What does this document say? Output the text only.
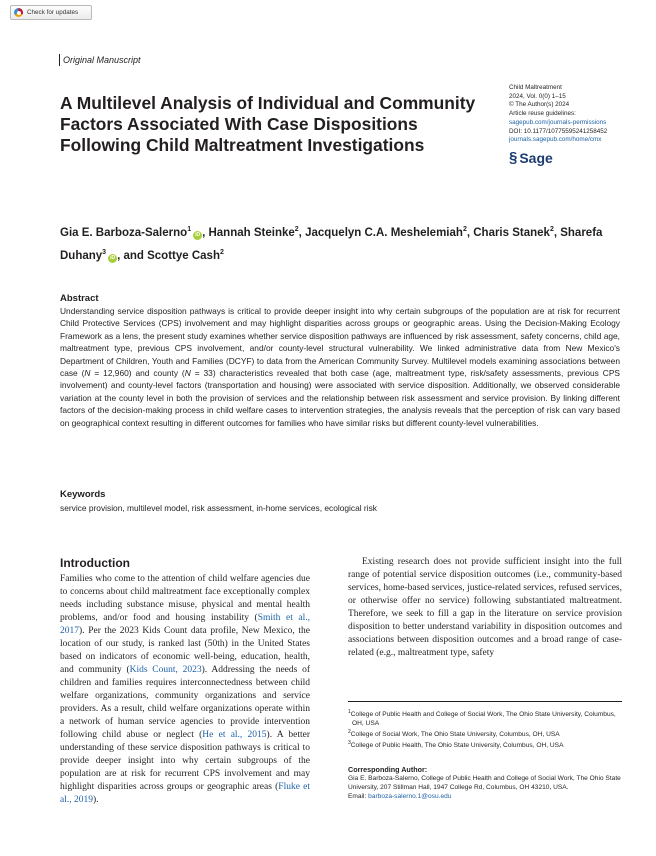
Check for updates
Original Manuscript
A Multilevel Analysis of Individual and Community Factors Associated With Case Dispositions Following Child Maltreatment Investigations
Child Maltreatment
2024, Vol. 0(0) 1–15
© The Author(s) 2024
Article reuse guidelines:
sagepub.com/journals-permissions
DOI: 10.1177/10775595241258452
journals.sagepub.com/home/cmx
§ Sage
Gia E. Barboza-Salerno$^1$iD , Hannah Steinke$^2$, Jacquelyn C.A. Meshelemiah$^2$, Charis Stanek$^2$, Sharefa Duhany$^3$iD , and Scottye Cash$^2$
Abstract

Understanding service disposition pathways is critical to provide deeper insight into why certain subgroups of the population are at risk for recurrent Child Protective Services (CPS) involvement and may highlight disparities across groups or geographic areas. Using the Decision-Making Ecology Framework as a lens, the present study examines whether service disposition pathways are influenced by risk assessment, safety concerns, child age, maltreatment type, previous CPS involvement, and/or county-level structural vulnerability. We linked administrative data from New Mexico's Department of Children, Youth and Families (DCYF) to data from the American Community Survey. Multilevel models examining associations between case (N = 12,960) and county (N = 33) characteristics revealed that both case (age, maltreatment type, risk/safety assessments, previous CPS involvement) and county-level factors (transportation and housing) were associated with service disposition. Additionally, we observed considerable variation at the county level in both the provision of services and the relationship between risk assessment and service provision. By linking different factors of the decision-making process in child welfare cases to intervention strategies, the analysis reveals that the perception of risk can vary based on geographical context resulting in different outcomes for families who have similar risks but different county-level vulnerabilities.

Keywords
service provision, multilevel model, risk assessment, in-home services, ecological risk
Introduction

Families who come to the attention of child welfare agencies due to concerns about child maltreatment face exceptionally complex needs including substance misuse, physical and mental health problems, and/or food and housing instability (Smith et al., 2017). Per the 2023 Kids Count data profile, New Mexico, the location of our study, is ranked last (50th) in the United States based on indicators of economic well-being, education, health, and community (Kids Count, 2023). Addressing the needs of children and families requires interconnectedness between child welfare organizations, community organizations and service providers. As a result, child welfare organizations operate within a network of human service agencies to provide intervention following child abuse or neglect (He et al., 2015). A better understanding of these service disposition pathways is critical to provide deeper insight into why certain subgroups of the population are at risk for recurrent CPS involvement and may highlight disparities across groups or geographic areas (Fluke et al., 2019).

Existing research does not provide sufficient insight into the full range of potential service disposition outcomes (i.e., community-based services, home-based services, justice-related services, refused services, or otherwise offer no service) following substantiated maltreatment. Therefore, we seek to fill a gap in the literature on service provision disposition to better understand variability in disposition outcomes and associations between disposition outcomes and a broad range of case-related (e.g., maltreatment type, safety

$^1$College of Public Health and College of Social Work, The Ohio State University, Columbus, OH, USA
$^2$College of Social Work, The Ohio State University, Columbus, OH, USA
$^3$College of Public Health, The Ohio State University, Columbus, OH, USA
Corresponding Author:
Gia E. Barboza-Salerno, College of Public Health and College of Social Work, The Ohio State University, 207 Stillman Hall, 1947 College Rd, Columbus, OH 43210, USA.
Email: barboza-salerno.1@osu.edu
